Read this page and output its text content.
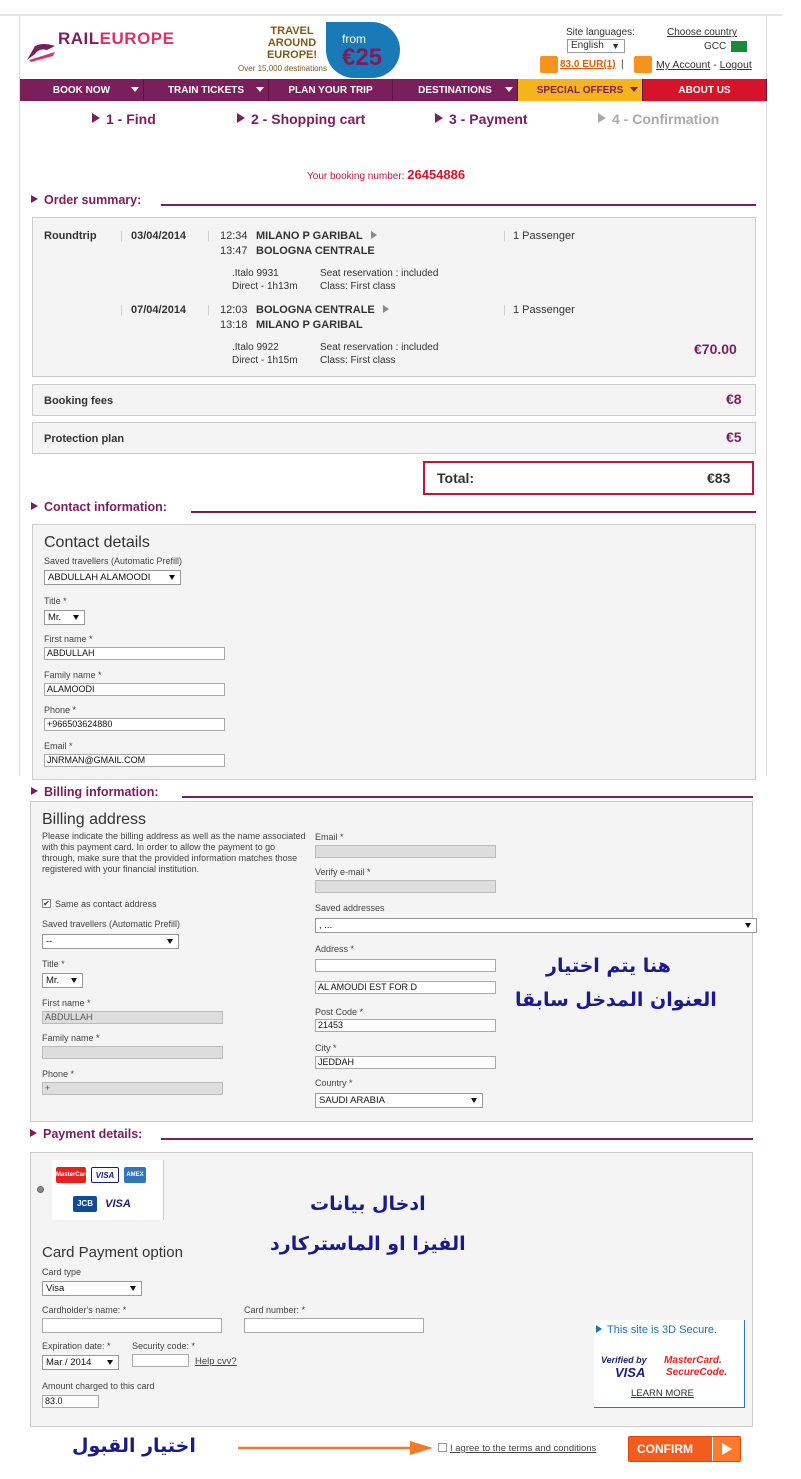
RAILEUROPE	TRAVEL
AROUND
EUROPE!
Over 15,000 destinations
from
€25
Site languages:
English ▼
Choose country
GCC
83.0 EUR(1) |	My Account - Logout
BOOK NOW	TRAIN TICKETS	PLAN YOUR TRIP	DESTINATIONS	SPECIAL OFFERS	ABOUT US
1 - Find	2 - Shopping cart	3 - Payment	4 - Confirmation
Your booking number: 26454886
Order summary:
Roundtrip | 03/04/2014 | 12:34 MILANO P GARIBAL
13:47 BOLOGNA CENTRALE
| 1 Passenger
.Italo 9931
Direct - 1h13m
Seat reservation : included
Class: First class
| 07/04/2014 | 12:03 BOLOGNA CENTRALE
13:18 MILANO P GARIBAL
| 1 Passenger
.Italo 9922
Direct - 1h15m
Seat reservation : included
Class: First class
€70.00
Booking fees	€8
Protection plan	€5
Total:	€83
Contact information:
Contact details
Saved travellers (Automatic Prefill)
ABDULLAH ALAMOODI
Title *
Mr.
First name *
ABDULLAH
Family name *
ALAMOODI
Phone *
+966503624880
Email *
JNRMAN@GMAIL.COM
Billing information:
Billing address
Please indicate the billing address as well as the name associated with this payment card. In order to allow the payment to go through, make sure that the provided information matches those registered with your financial institution.
✔ Same as contact address
Saved travellers (Automatic Prefill)
--
Title *
Mr.
First name *
ABDULLAH
Family name *
Phone *
+
Email *
Verify e-mail *
Saved addresses
, ...
Address *
AL AMOUDI EST FOR D
Post Code *
21453
City *
JEDDAH
Country *
SAUDI ARABIA
هنا يتم اختيار
العنوان المدخل سابقا
Payment details:
MasterCard VISA	AMEX
JCB	VISA	ادخال بيانات
الفيزا او الماستركارد
Card Payment option
Card type
Visa
Cardholder's name: *	Card number: *
Expiration date: *
Mar / 2014
Security code: *
Help cvv?
Amount charged to this card
83.0
This site is 3D Secure.
Verified by
VISA
MasterCard.
SecureCode.
LEARN MORE
اختيار القبول	I agree to the terms and conditions	CONFIRM
